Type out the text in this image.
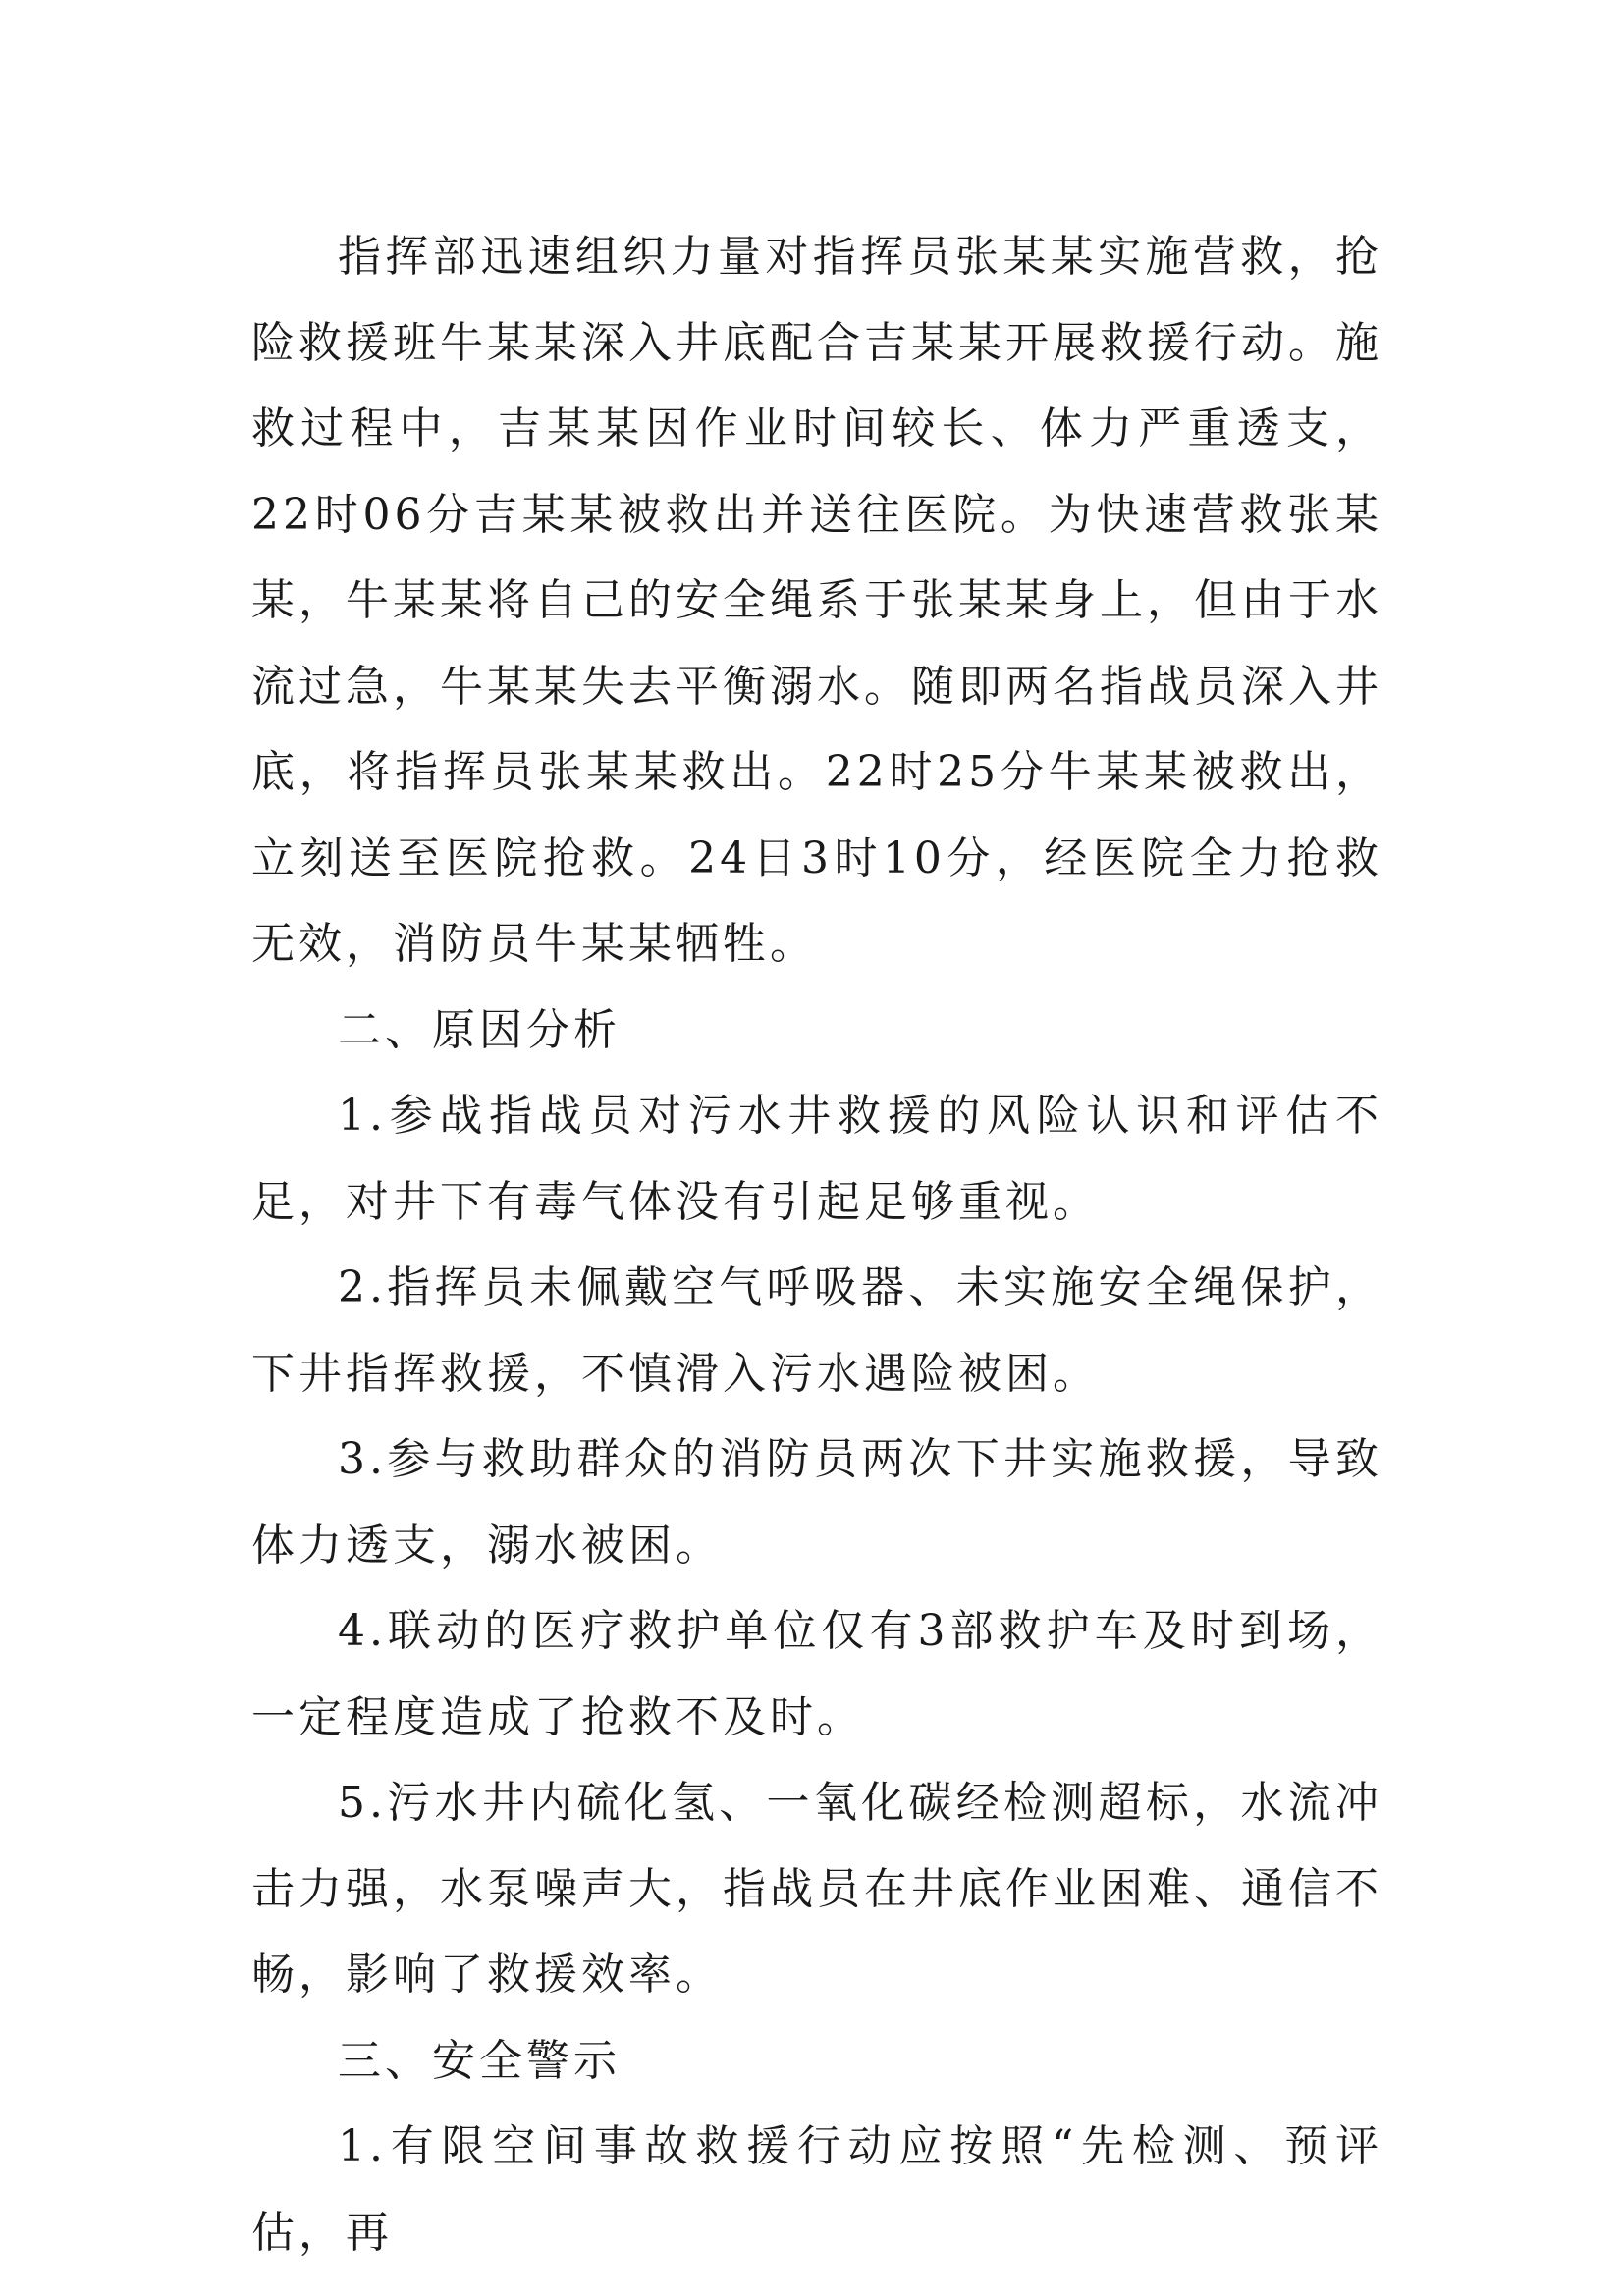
指挥部迅速组织力量对指挥员张某某实施营救，抢险救援班牛某某深入井底配合吉某某开展救援行动。施救过程中，吉某某因作业时间较长、体力严重透支，22时06分吉某某被救出并送往医院。为快速营救张某某，牛某某将自己的安全绳系于张某某身上，但由于水流过急，牛某某失去平衡溺水。随即两名指战员深入井底，将指挥员张某某救出。22时25分牛某某被救出，立刻送至医院抢救。24日3时10分，经医院全力抢救无效，消防员牛某某牺牲。

二、原因分析

1.参战指战员对污水井救援的风险认识和评估不足，对井下有毒气体没有引起足够重视。

2.指挥员未佩戴空气呼吸器、未实施安全绳保护，下井指挥救援，不慎滑入污水遇险被困。

3.参与救助群众的消防员两次下井实施救援，导致体力透支，溺水被困。

4.联动的医疗救护单位仅有3部救护车及时到场，一定程度造成了抢救不及时。

5.污水井内硫化氢、一氧化碳经检测超标，水流冲击力强，水泵噪声大，指战员在井底作业困难、通信不畅，影响了救援效率。

三、安全警示

1.有限空间事故救援行动应按照“先检测、预评估，再
